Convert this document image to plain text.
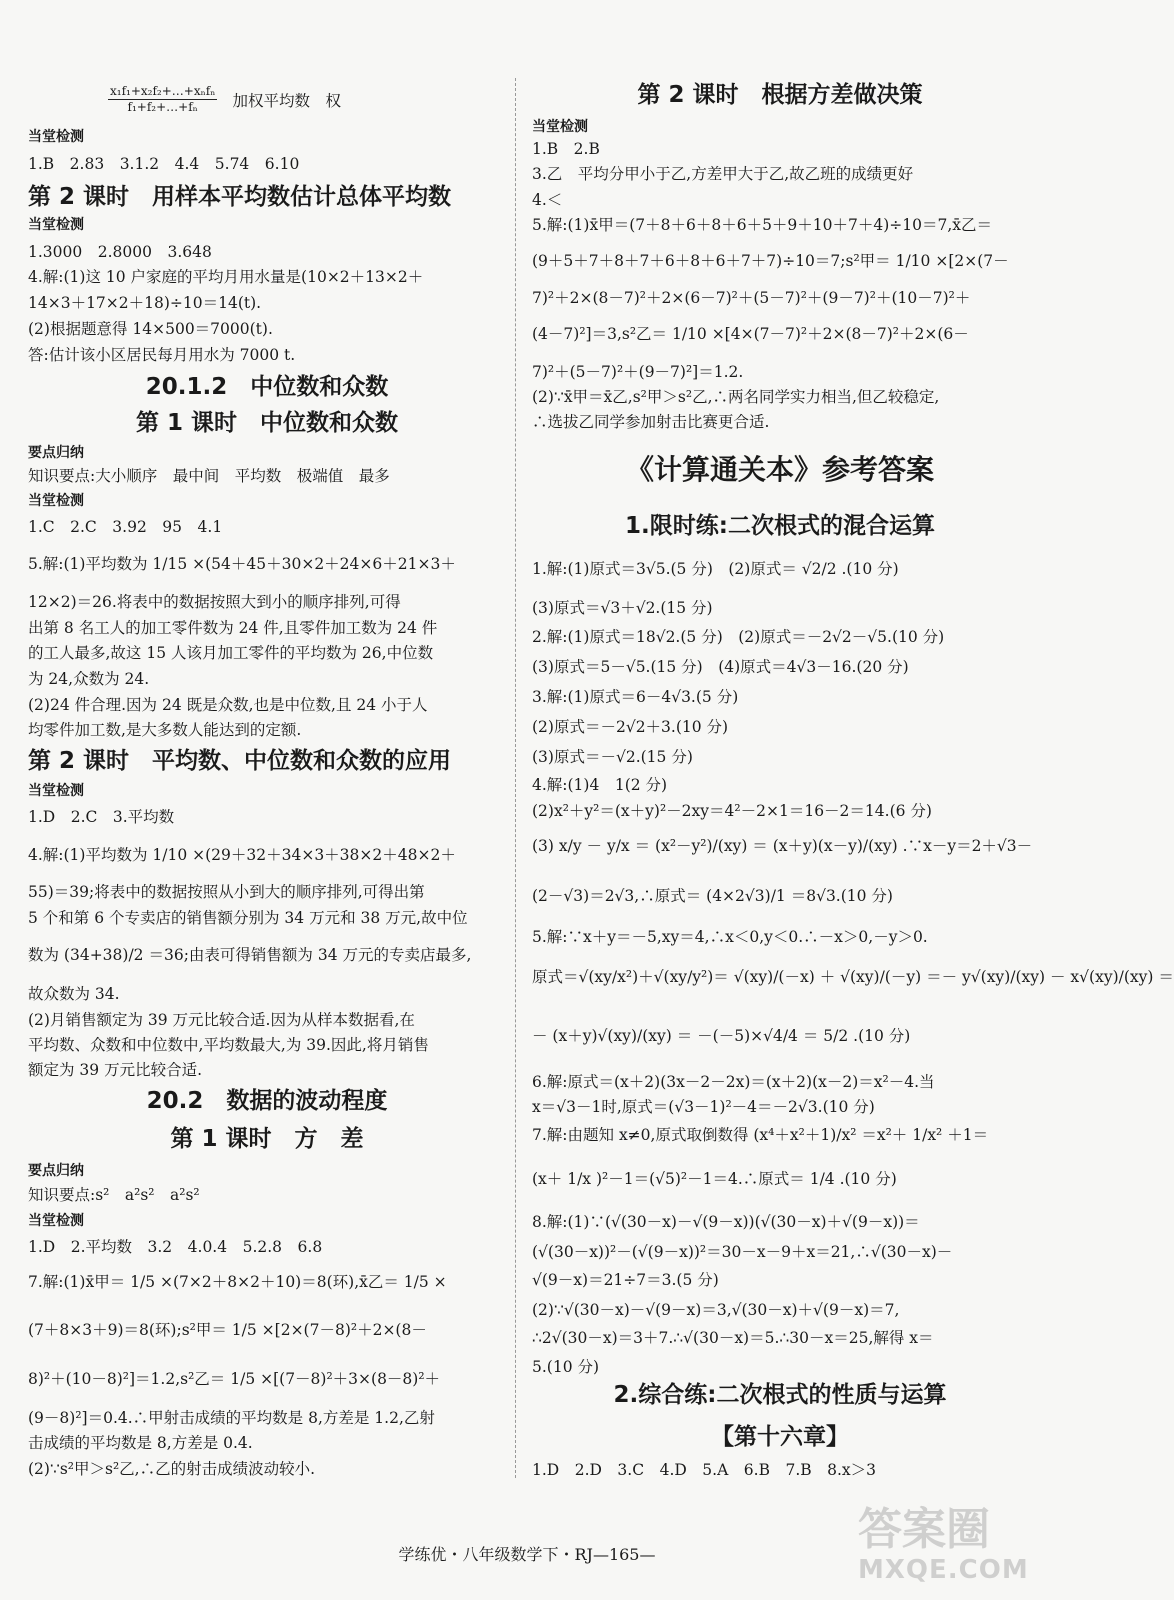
$\frac{\text{x₁f₁+x₂f₂+…+xₙfₙ}}{\text{f₁+f₂+…+fₙ}}$ 加权平均数　权
当堂检测
1.B　2.83　3.1.2　4.4　5.74　6.10
第 2 课时　用样本平均数估计总体平均数
当堂检测
1.3000　2.8000　3.648
4.解:(1)这 10 户家庭的平均月用水量是(10×2＋13×2＋
14×3＋17×2＋18)÷10＝14(t).
(2)根据题意得 14×500＝7000(t).
答:估计该小区居民每月用水为 7000 t.
20.1.2　中位数和众数
第 1 课时　中位数和众数
要点归纳
知识要点:大小顺序　最中间　平均数　极端值　最多
当堂检测
1.C　2.C　3.92　95　4.1
5.解:(1)平均数为 1/15 ×(54＋45＋30×2＋24×6＋21×3＋
12×2)＝26.将表中的数据按照大到小的顺序排列,可得
出第 8 名工人的加工零件数为 24 件,且零件加工数为 24 件
的工人最多,故这 15 人该月加工零件的平均数为 26,中位数
为 24,众数为 24.
(2)24 件合理.因为 24 既是众数,也是中位数,且 24 小于人
均零件加工数,是大多数人能达到的定额.
第 2 课时　平均数、中位数和众数的应用
当堂检测
1.D　2.C　3.平均数
4.解:(1)平均数为 1/10 ×(29＋32＋34×3＋38×2＋48×2＋
55)＝39;将表中的数据按照从小到大的顺序排列,可得出第
5 个和第 6 个专卖店的销售额分别为 34 万元和 38 万元,故中位
数为 (34+38)/2 ＝36;由表可得销售额为 34 万元的专卖店最多,
故众数为 34.
(2)月销售额定为 39 万元比较合适.因为从样本数据看,在
平均数、众数和中位数中,平均数最大,为 39.因此,将月销售
额定为 39 万元比较合适.
20.2　数据的波动程度
第 1 课时　方　差
要点归纳
知识要点:s²　a²s²　a²s²
当堂检测
1.D　2.平均数　3.2　4.0.4　5.2.8　6.8
7.解:(1)x̄甲＝ 1/5 ×(7×2＋8×2＋10)＝8(环),x̄乙＝ 1/5 ×
(7＋8×3＋9)＝8(环);s²甲＝ 1/5 ×[2×(7－8)²＋2×(8－
8)²＋(10－8)²]＝1.2,s²乙＝ 1/5 ×[(7－8)²＋3×(8－8)²＋
(9－8)²]＝0.4.∴甲射击成绩的平均数是 8,方差是 1.2,乙射
击成绩的平均数是 8,方差是 0.4.
(2)∵s²甲＞s²乙,∴乙的射击成绩波动较小.
第 2 课时　根据方差做决策
当堂检测
1.B　2.B
3.乙　平均分甲小于乙,方差甲大于乙,故乙班的成绩更好
4.＜
5.解:(1)x̄甲＝(7＋8＋6＋8＋6＋5＋9＋10＋7＋4)÷10＝7,x̄乙＝
(9＋5＋7＋8＋7＋6＋8＋6＋7＋7)÷10＝7;s²甲＝ 1/10 ×[2×(7－
7)²＋2×(8－7)²＋2×(6－7)²＋(5－7)²＋(9－7)²＋(10－7)²＋
(4－7)²]＝3,s²乙＝ 1/10 ×[4×(7－7)²＋2×(8－7)²＋2×(6－
7)²＋(5－7)²＋(9－7)²]＝1.2.
(2)∵x̄甲＝x̄乙,s²甲＞s²乙,∴两名同学实力相当,但乙较稳定,
∴选拔乙同学参加射击比赛更合适.
《计算通关本》参考答案
1.限时练:二次根式的混合运算
1.解:(1)原式＝3√5.(5 分)　(2)原式＝ √2/2 .(10 分)
(3)原式＝√3＋√2.(15 分)
2.解:(1)原式＝18√2.(5 分)　(2)原式＝－2√2－√5.(10 分)
(3)原式＝5－√5.(15 分)　(4)原式＝4√3－16.(20 分)
3.解:(1)原式＝6－4√3.(5 分)
(2)原式＝－2√2＋3.(10 分)
(3)原式＝－√2.(15 分)
4.解:(1)4　1(2 分)
(2)x²＋y²＝(x＋y)²－2xy＝4²－2×1＝16－2＝14.(6 分)
(3) x/y － y/x ＝ (x²－y²)/(xy) ＝ (x＋y)(x－y)/(xy) .∵x－y＝2＋√3－
(2－√3)＝2√3,∴原式＝ (4×2√3)/1 ＝8√3.(10 分)
5.解:∵x＋y＝－5,xy＝4,∴x＜0,y＜0.∴－x＞0,－y＞0.
原式＝√(xy/x²)＋√(xy/y²)＝ √(xy)/(－x) ＋ √(xy)/(－y) ＝－ y√(xy)/(xy) － x√(xy)/(xy) ＝
－ (x＋y)√(xy)/(xy) ＝ －(－5)×√4/4 ＝ 5/2 .(10 分)
6.解:原式＝(x＋2)(3x－2－2x)＝(x＋2)(x－2)＝x²－4.当
x＝√3－1时,原式＝(√3－1)²－4＝－2√3.(10 分)
7.解:由题知 x≠0,原式取倒数得 (x⁴＋x²＋1)/x² ＝x²＋ 1/x² ＋1＝
(x＋ 1/x )²－1＝(√5)²－1＝4.∴原式＝ 1/4 .(10 分)
8.解:(1)∵(√(30－x)－√(9－x))(√(30－x)＋√(9－x))＝
(√(30－x))²－(√(9－x))²＝30－x－9＋x＝21,∴√(30－x)－
√(9－x)＝21÷7＝3.(5 分)
(2)∵√(30－x)－√(9－x)＝3,√(30－x)＋√(9－x)＝7,
∴2√(30－x)＝3＋7.∴√(30－x)＝5.∴30－x＝25,解得 x＝
5.(10 分)
2.综合练:二次根式的性质与运算
【第十六章】
1.D　2.D　3.C　4.D　5.A　6.B　7.B　8.x＞3
学练优・八年级数学下・RJ—165—	答案圈
MXQE.COM
